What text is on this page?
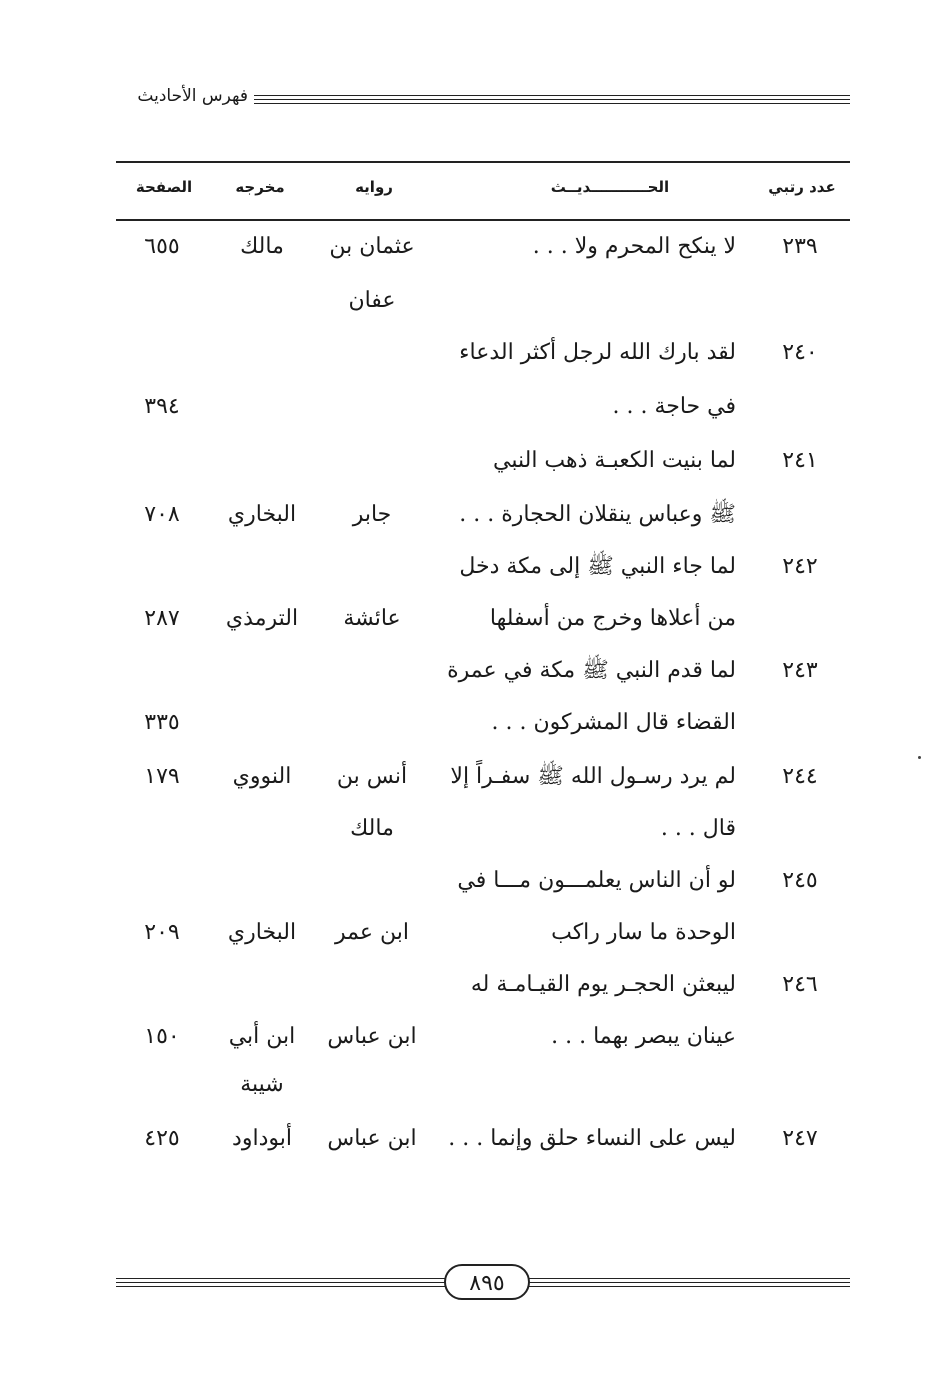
فهرس الأحاديث
عدد رتبي
الحـــــــــــديــث
روايه
مخرجه
الصفحة
٢٣٩
لا ينكح المحرم ولا . . .
عثمان بن
عفان
مالك
٦٥٥
٢٤٠
لقد بارك الله لرجل أكثر الدعاء
في حاجة . . .
٣٩٤
٢٤١
لما بنيت الكعبـة ذهب النبي
ﷺ وعباس ينقلان الحجارة . . .
جابر
البخاري
٧٠٨
٢٤٢
لما جاء النبي ﷺ إلى مكة دخل
من أعلاها وخرج من أسفلها
عائشة
الترمذي
٢٨٧
٢٤٣
لما قدم النبي ﷺ مكة في عمرة
القضاء قال المشركون . . .
٣٣٥
٢٤٤
لم يرد رسـول الله ﷺ سفـراً إلا
قال . . .
أنس بن
مالك
النووي
١٧٩
٢٤٥
لو أن الناس يعلمـــون مـــا في
الوحدة ما سار راكب
ابن عمر
البخاري
٢٠٩
٢٤٦
ليبعثن الحجـر يوم القيـامـة له
عينان يبصر بهما . . .
ابن عباس
ابن أبي
شيبة
١٥٠
٢٤٧
ليس على النساء حلق وإنما . . .
ابن عباس
أبوداود
٤٢٥
٨٩٥
